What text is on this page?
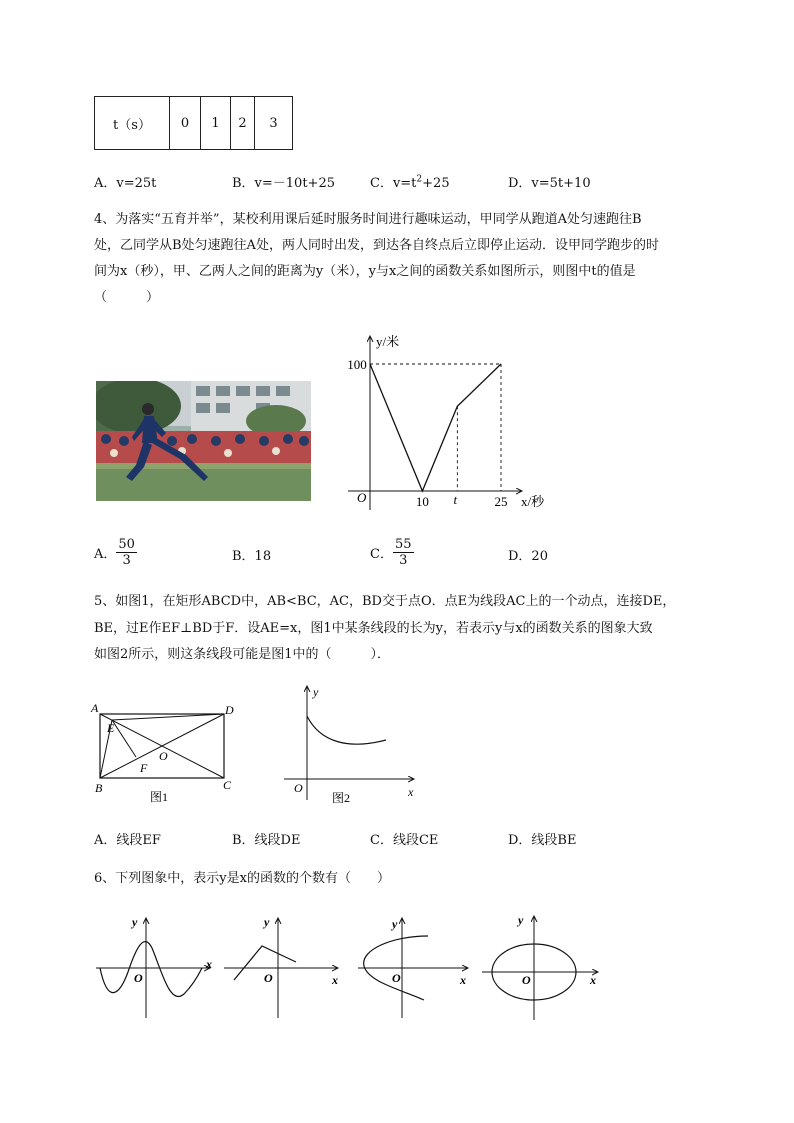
t（s）	0	1	2	3
A．v=25t	B．v=－10t+25	C．$v=t^2+25$	D．v=5t+10
4、为落实“五育并举”，某校利用课后延时服务时间进行趣味运动，甲同学从跑道A处匀速跑往B
处，乙同学从B处匀速跑往A处，两人同时出发，到达各自终点后立即停止运动．设甲同学跑步的时
间为x（秒），甲、乙两人之间的距离为y（米），y与x之间的函数关系如图所示，则图中t的值是
（　　　）
y/米
x/秒
O
100
10 t	25
A． $\frac{50}{3}$	B．18	C． $\frac{55}{3}$	D．20
5、如图1，在矩形ABCD中，AB<BC，AC，BD交于点O．点E为线段AC上的一个动点，连接DE，
BE，过E作EF⊥BD于F．设AE=x，图1中某条线段的长为y，若表示y与x的函数关系的图象大致
如图2所示，则这条线段可能是图1中的（　　　）．
A	D
B	C
E
F
O
图1
y
x
O
图2
A．线段EF	B．线段DE	C．线段CE	D．线段BE
6、下列图象中，表示y是x的函数的个数有（　　）
y
x
O
y
x
O
y
x
O
y
x
O
